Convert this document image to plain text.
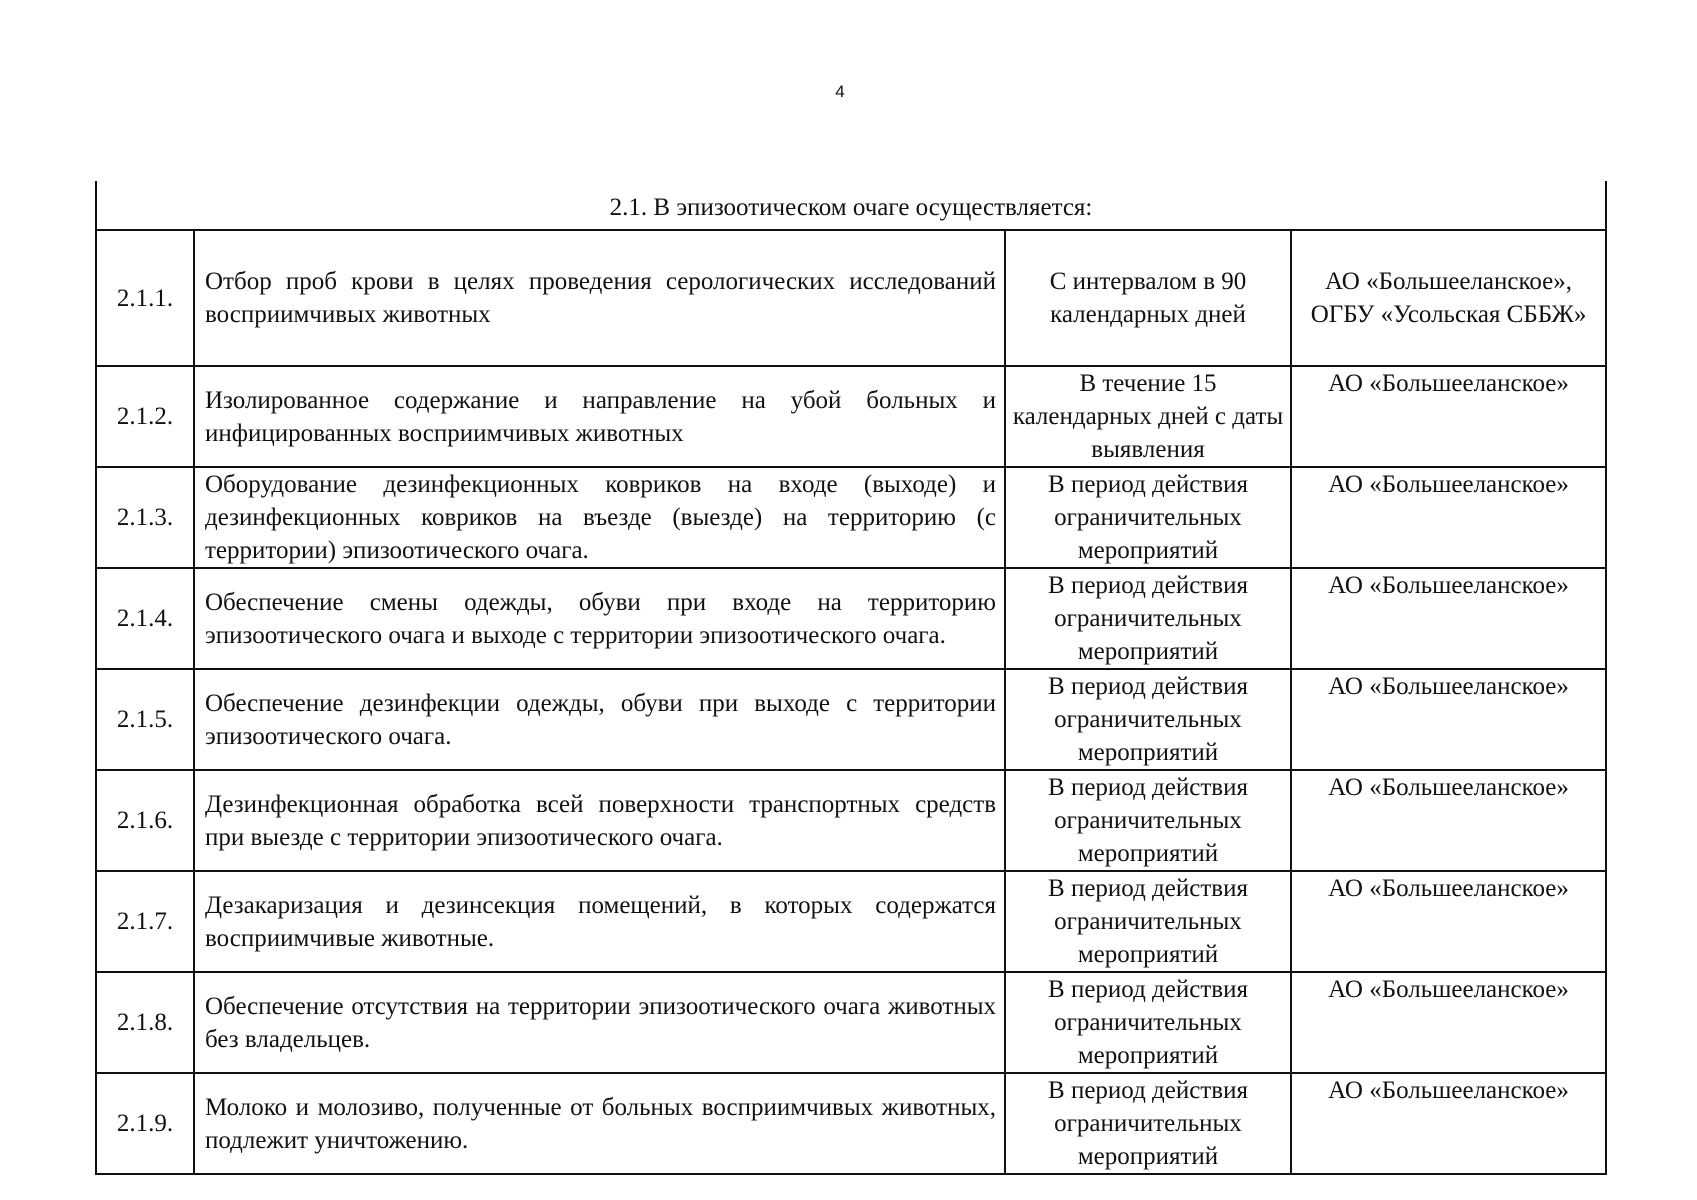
4
2.1. В эпизоотическом очаге осуществляется:			
2.1.1.	Отбор проб крови в целях проведения серологических исследований восприимчивых животных	С интервалом в 90 календарных дней	АО «Большееланское», ОГБУ «Усольская СББЖ»
2.1.2.	Изолированное содержание и направление на убой больных и инфицированных восприимчивых животных	В течение 15 календарных дней с даты выявления	АО «Большееланское»
2.1.3.	Оборудование дезинфекционных ковриков на входе (выходе) и дезинфекционных ковриков на въезде (выезде) на территорию (с территории) эпизоотического очага.	В период действия ограничительных мероприятий	АО «Большееланское»
2.1.4.	Обеспечение смены одежды, обуви при входе на территорию эпизоотического очага и выходе с территории эпизоотического очага.	В период действия ограничительных мероприятий	АО «Большееланское»
2.1.5.	Обеспечение дезинфекции одежды, обуви при выходе с территории эпизоотического очага.	В период действия ограничительных мероприятий	АО «Большееланское»
2.1.6.	Дезинфекционная обработка всей поверхности транспортных средств при выезде с территории эпизоотического очага.	В период действия ограничительных мероприятий	АО «Большееланское»
2.1.7.	Дезакаризация и дезинсекция помещений, в которых содержатся восприимчивые животные.	В период действия ограничительных мероприятий	АО «Большееланское»
2.1.8.	Обеспечение отсутствия на территории эпизоотического очага животных без владельцев.	В период действия ограничительных мероприятий	АО «Большееланское»
2.1.9.	Молоко и молозиво, полученные от больных восприимчивых животных, подлежит уничтожению.	В период действия ограничительных мероприятий	АО «Большееланское»
